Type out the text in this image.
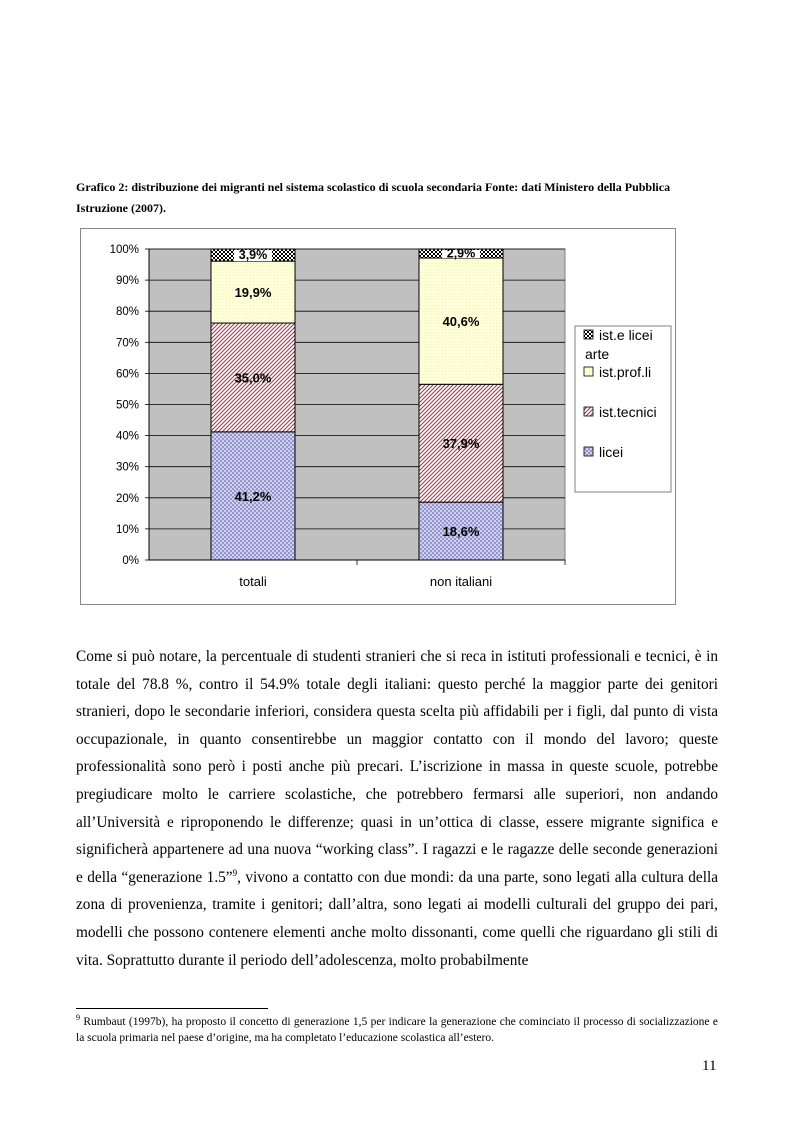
Grafico 2: distribuzione dei migranti nel sistema scolastico di scuola secondaria Fonte: dati Ministero della Pubblica Istruzione (2007).
0%
10%
20%
30%
40%
50%
60%
70%
80%
90%
100%
totali
41,2%
35,0%
19,9%
3,9%
non italiani
18,6%
37,9%
40,6%
2,9%
ist.e licei
arte
ist.prof.li
ist.tecnici
licei

Come si può notare, la percentuale di studenti stranieri che si reca in istituti professionali e tecnici, è in totale del 78.8 %, contro il 54.9% totale degli italiani: questo perché la maggior parte dei genitori stranieri, dopo le secondarie inferiori, considera questa scelta più affidabili per i figli, dal punto di vista occupazionale, in quanto consentirebbe un maggior contatto con il mondo del lavoro; queste professionalità sono però i posti anche più precari. L’iscrizione in massa in queste scuole, potrebbe pregiudicare molto le carriere scolastiche, che potrebbero fermarsi alle superiori, non andando all’Università e riproponendo le differenze; quasi in un’ottica di classe, essere migrante significa e significherà appartenere ad una nuova “working class”. I ragazzi e le ragazze delle seconde generazioni e della “generazione 1.5”$^9$, vivono a contatto con due mondi: da una parte, sono legati alla cultura della zona di provenienza, tramite i genitori; dall’altra, sono legati ai modelli culturali del gruppo dei pari, modelli che possono contenere elementi anche molto dissonanti, come quelli che riguardano gli stili di vita. Soprattutto durante il periodo dell’adolescenza, molto probabilmente

$^9$ Rumbaut (1997b), ha proposto il concetto di generazione 1,5 per indicare la generazione che cominciato il processo di socializzazione e la scuola primaria nel paese d’origine, ma ha completato l’educazione scolastica all’estero.
11
